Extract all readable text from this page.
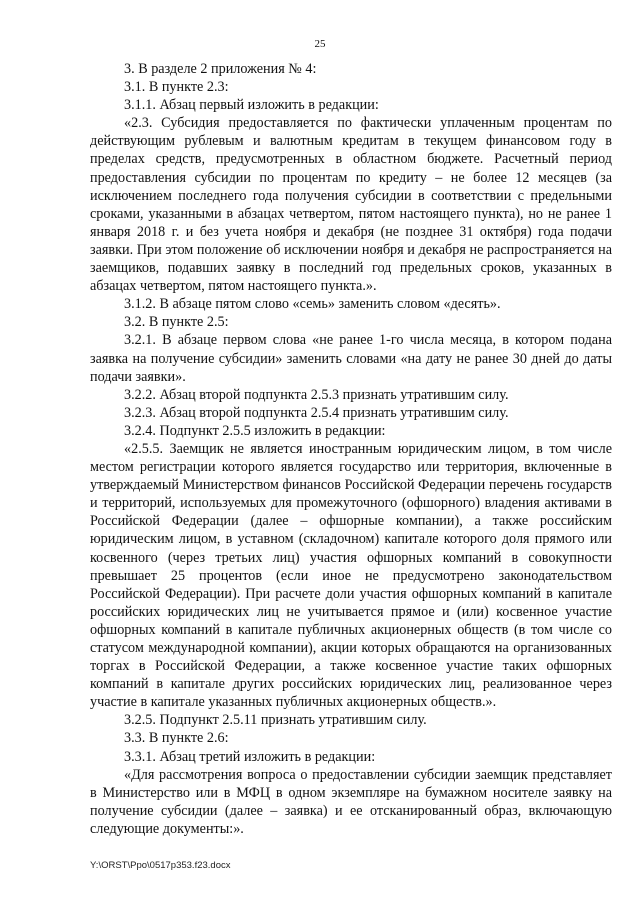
25

3. В разделе 2 приложения № 4:

3.1. В пункте 2.3:

3.1.1. Абзац первый изложить в редакции:

«2.3. Субсидия предоставляется по фактически уплаченным процентам по действующим рублевым и валютным кредитам в текущем финансовом году в пределах средств, предусмотренных в областном бюджете. Расчетный период предоставления субсидии по процентам по кредиту – не более 12 месяцев (за исключением последнего года получения субсидии в соответствии с предельными сроками, указанными в абзацах четвертом, пятом настоящего пункта), но не ранее 1 января 2018 г. и без учета ноября и декабря (не позднее 31 октября) года подачи заявки. При этом положение об исключении ноября и декабря не распространяется на заемщиков, подавших заявку в последний год предельных сроков, указанных в абзацах четвертом, пятом настоящего пункта.».

3.1.2. В абзаце пятом слово «семь» заменить словом «десять».

3.2. В пункте 2.5:

3.2.1. В абзаце первом слова «не ранее 1-го числа месяца, в котором подана заявка на получение субсидии» заменить словами «на дату не ранее 30 дней до даты подачи заявки».

3.2.2. Абзац второй подпункта 2.5.3 признать утратившим силу.

3.2.3. Абзац второй подпункта 2.5.4 признать утратившим силу.

3.2.4. Подпункт 2.5.5 изложить в редакции:

«2.5.5. Заемщик не является иностранным юридическим лицом, в том числе местом регистрации которого является государство или территория, включенные в утверждаемый Министерством финансов Российской Федерации перечень государств и территорий, используемых для промежуточного (офшорного) владения активами в Российской Федерации (далее – офшорные компании), а также российским юридическим лицом, в уставном (складочном) капитале которого доля прямого или косвенного (через третьих лиц) участия офшорных компаний в совокупности превышает 25 процентов (если иное не предусмотрено законодательством Российской Федерации). При расчете доли участия офшорных компаний в капитале российских юридических лиц не учитывается прямое и (или) косвенное участие офшорных компаний в капитале публичных акционерных обществ (в том числе со статусом международной компании), акции которых обращаются на организованных торгах в Российской Федерации, а также косвенное участие таких офшорных компаний в капитале других российских юридических лиц, реализованное через участие в капитале указанных публичных акционерных обществ.».

3.2.5. Подпункт 2.5.11 признать утратившим силу.

3.3. В пункте 2.6:

3.3.1. Абзац третий изложить в редакции:

«Для рассмотрения вопроса о предоставлении субсидии заемщик представляет в Министерство или в МФЦ в одном экземпляре на бумажном носителе заявку на получение субсидии (далее – заявка) и ее отсканированный образ, включающую следующие документы:».

Y:\ORST\Ppo\0517p353.f23.docx
